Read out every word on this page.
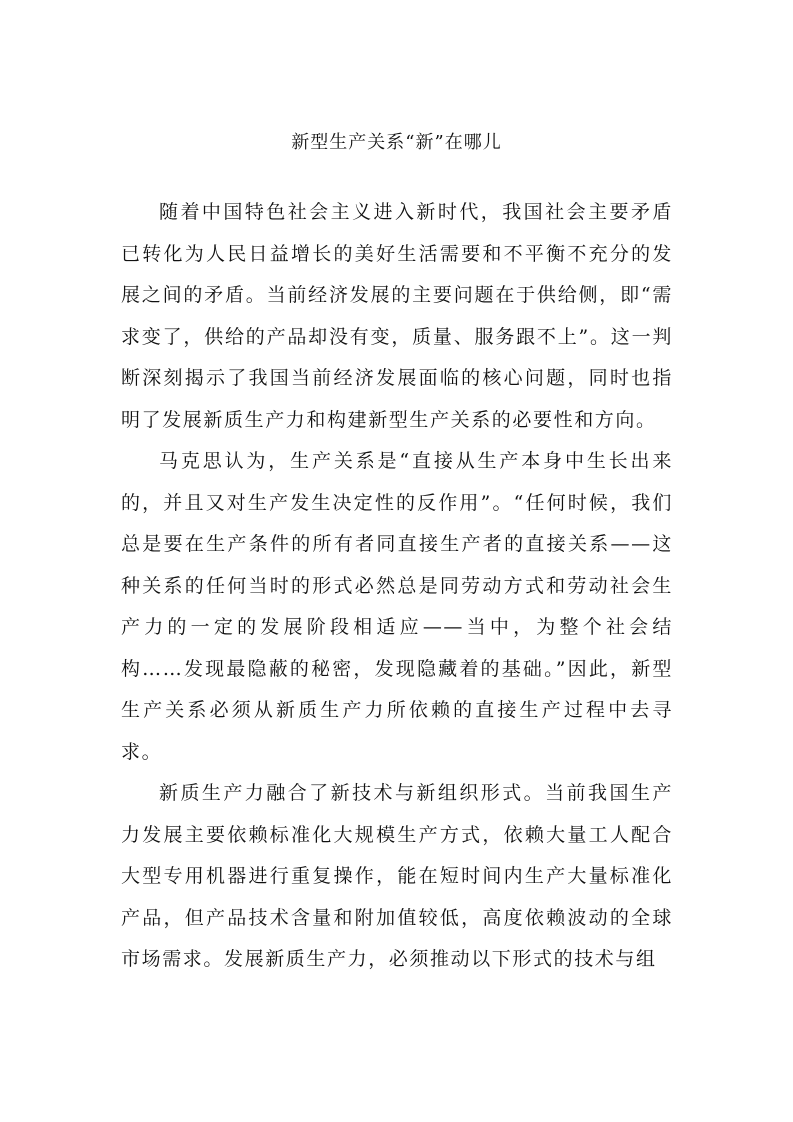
新型生产关系“新”在哪儿

随着中国特色社会主义进入新时代，我国社会主要矛盾已转化为人民日益增长的美好生活需要和不平衡不充分的发展之间的矛盾。当前经济发展的主要问题在于供给侧，即“需求变了，供给的产品却没有变，质量、服务跟不上”。这一判断深刻揭示了我国当前经济发展面临的核心问题，同时也指明了发展新质生产力和构建新型生产关系的必要性和方向。

马克思认为，生产关系是“直接从生产本身中生长出来的，并且又对生产发生决定性的反作用”。“任何时候，我们总是要在生产条件的所有者同直接生产者的直接关系——这种关系的任何当时的形式必然总是同劳动方式和劳动社会生产力的一定的发展阶段相适应——当中，为整个社会结构……发现最隐蔽的秘密，发现隐藏着的基础。”因此，新型生产关系必须从新质生产力所依赖的直接生产过程中去寻求。

新质生产力融合了新技术与新组织形式。当前我国生产力发展主要依赖标准化大规模生产方式，依赖大量工人配合大型专用机器进行重复操作，能在短时间内生产大量标准化产品，但产品技术含量和附加值较低，高度依赖波动的全球市场需求。发展新质生产力，必须推动以下形式的技术与组
